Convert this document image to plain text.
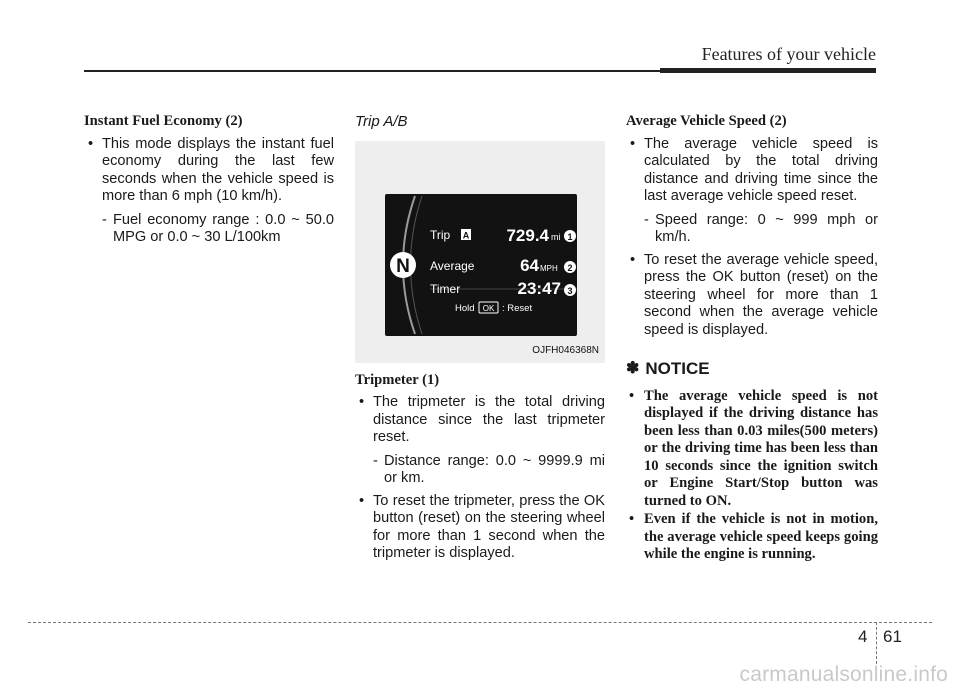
Features of your vehicle
Instant Fuel Economy (2)
• This mode displays the instant fuel economy during the last few seconds when the vehicle speed is more than 6 mph (10 km/h).
- Fuel economy range : 0.0 ~ 50.0 MPG or 0.0 ~ 30 L/100km
Trip A/B
N
Trip A 729.4 mi 1
Average	64 MPH 2
Timer	23:47 3
Hold OK : Reset
OJFH046368N
Tripmeter (1)
• The tripmeter is the total driving distance since the last tripmeter reset.
- Distance range: 0.0 ~ 9999.9 mi or km.
• To reset the tripmeter, press the OK button (reset) on the steering wheel for more than 1 second when the tripmeter is displayed.
Average Vehicle Speed (2)
• The average vehicle speed is calculated by the total driving distance and driving time since the last average vehicle speed reset.
- Speed range: 0 ~ 999 mph or km/h.
• To reset the average vehicle speed, press the OK button (reset) on the steering wheel for more than 1 second when the average vehicle speed is displayed.
✽ NOTICE
• The average vehicle speed is not displayed if the driving distance has been less than 0.03 miles(500 meters) or the driving time has been less than 10 seconds since the ignition switch or Engine Start/Stop button was turned to ON.
• Even if the vehicle is not in motion, the average vehicle speed keeps going while the engine is running.
4 61
carmanualsonline.info
